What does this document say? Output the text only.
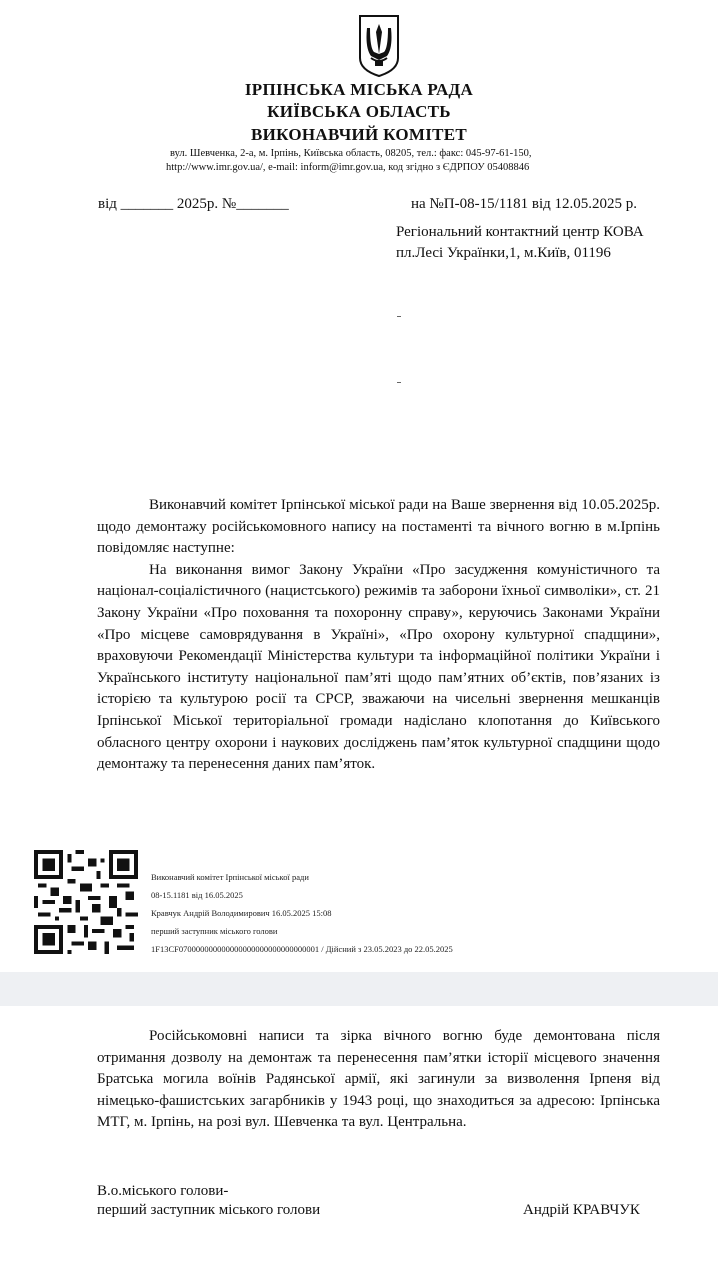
ІРПІНСЬКА МІСЬКА РАДА
КИЇВСЬКА ОБЛАСТЬ
ВИКОНАВЧИЙ КОМІТЕТ
вул. Шевченка, 2-а, м. Ірпінь, Київська область, 08205, тел.: факс: 045-97-61-150,
http://www.imr.gov.ua/, e-mail: inform@imr.gov.ua, код згідно з ЄДРПОУ 05408846
від _______ 2025р. №_______	на №П-08-15/1181 від 12.05.2025 р.
Регіональний контактний центр КОВА
пл.Лесі Українки,1, м.Київ, 01196

Виконавчий комітет Ірпінської міської ради на Ваше звернення від 10.05.2025р. щодо демонтажу російськомовного напису на постаменті та вічного вогню в м.Ірпінь повідомляє наступне:

На виконання вимог Закону України «Про засудження комуністичного та націонал-соціалістичного (нацистського) режимів та заборони їхньої символіки», ст. 21 Закону України «Про поховання та похоронну справу», керуючись Законами України «Про місцеве самоврядування в Україні», «Про охорону культурної спадщини», враховуючи Рекомендації Міністерства культури та інформаційної політики України і Українського інституту національної пам’яті щодо пам’ятних об’єктів, пов’язаних із історією та культурою росії та СРСР, зважаючи на чисельні звернення мешканців Ірпінської Міської територіальної громади надіслано клопотання до Київського обласного центру охорони і наукових досліджень пам’яток культурної спадщини щодо демонтажу та перенесення даних пам’яток.

Виконавчий комітет Ірпінської міської ради
08-15.1181 від 16.05.2025
Кравчук Андрій Володимирович 16.05.2025 15:08
перший заступник міського голови
1F13CF070000000000000000000000000000001 / Дійсний з 23.05.2023 до 22.05.2025

Російськомовні написи та зірка вічного вогню буде демонтована після отримання дозволу на демонтаж та перенесення пам’ятки історії місцевого значення Братська могила воїнів Радянської армії, які загинули за визволення Ірпеня від німецько-фашистських загарбників у 1943 році, що знаходиться за адресою: Ірпінська МТГ, м. Ірпінь, на розі вул. Шевченка та вул. Центральна.

В.о.міського голови-
перший заступник міського голови	Андрій КРАВЧУК
